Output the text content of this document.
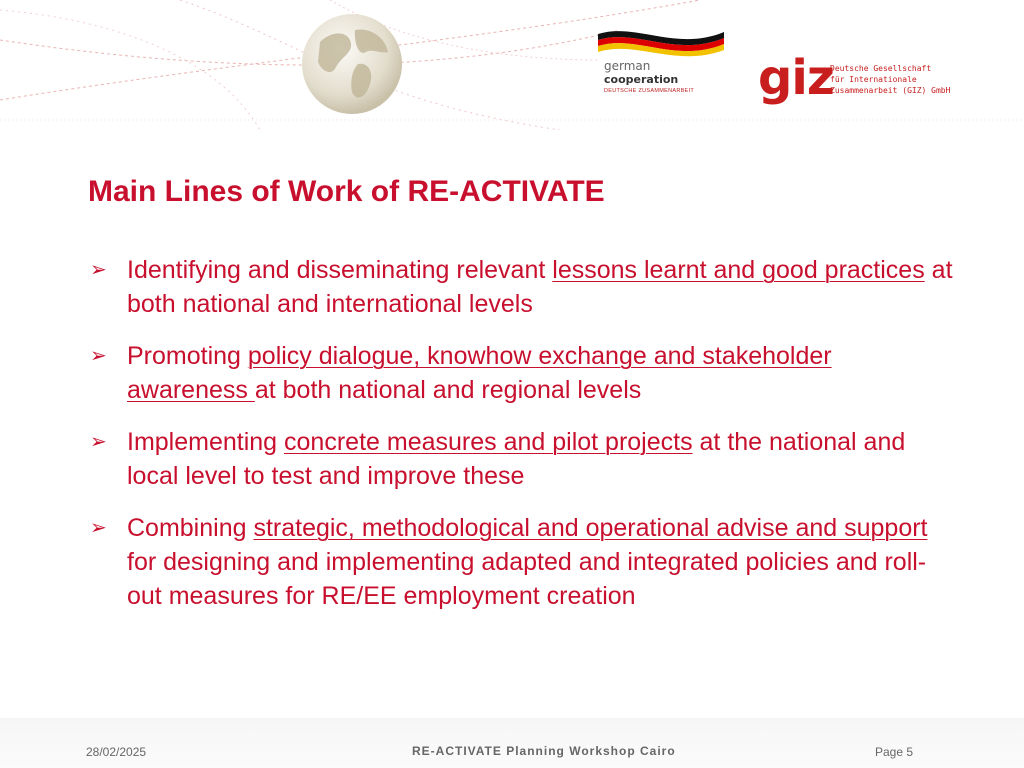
german
cooperation
DEUTSCHE ZUSAMMENARBEIT giz
Deutsche Gesellschaft
für Internationale
Zusammenarbeit (GIZ) GmbH
Main Lines of Work of RE-ACTIVATE
➢ Identifying and disseminating relevant lessons learnt and good practices at both national and international levels
➢ Promoting policy dialogue, knowhow exchange and stakeholder awareness at both national and regional levels
➢ Implementing concrete measures and pilot projects at the national and local level to test and improve these
➢ Combining strategic, methodological and operational advise and support for designing and implementing adapted and integrated policies and roll-out measures for RE/EE employment creation
28/02/2025	RE-ACTIVATE Planning Workshop Cairo	Page 5
